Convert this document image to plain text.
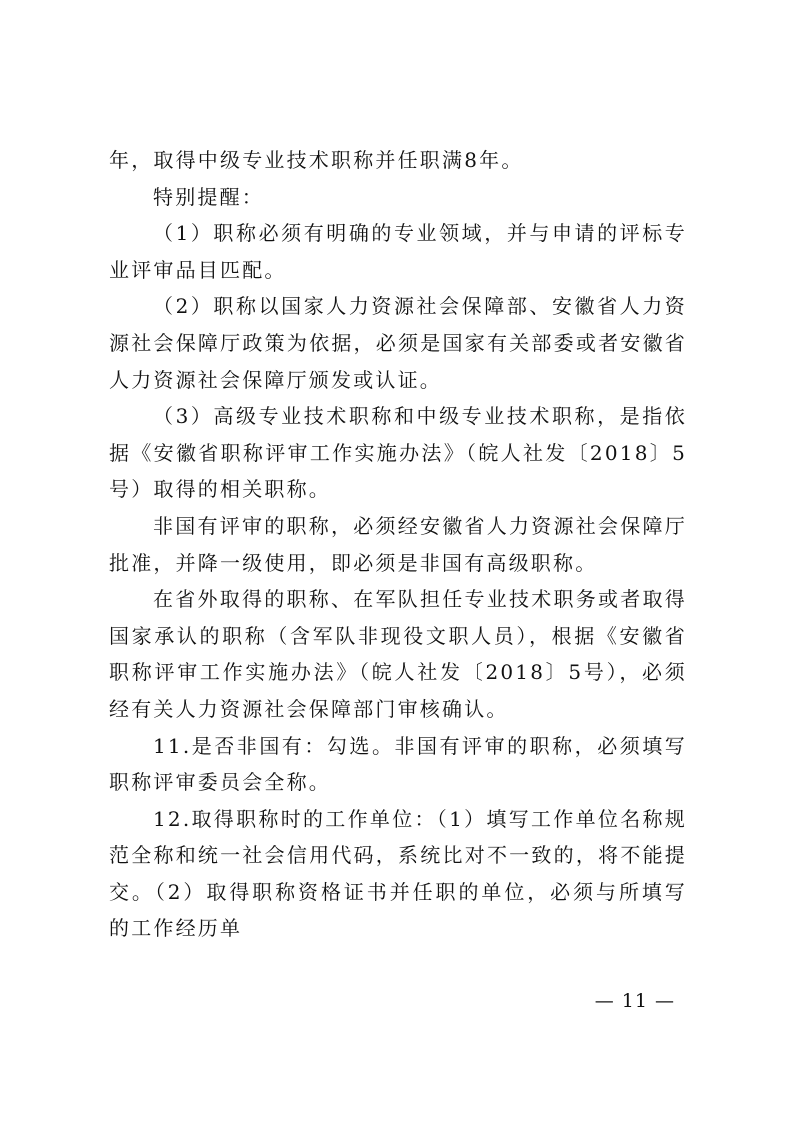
年，取得中级专业技术职称并任职满8年。

特别提醒：

（1）职称必须有明确的专业领域，并与申请的评标专业评审品目匹配。

（2）职称以国家人力资源社会保障部、安徽省人力资源社会保障厅政策为依据，必须是国家有关部委或者安徽省人力资源社会保障厅颁发或认证。

（3）高级专业技术职称和中级专业技术职称，是指依据《安徽省职称评审工作实施办法》（皖人社发〔2018〕5号）取得的相关职称。

非国有评审的职称，必须经安徽省人力资源社会保障厅批准，并降一级使用，即必须是非国有高级职称。

在省外取得的职称、在军队担任专业技术职务或者取得国家承认的职称（含军队非现役文职人员），根据《安徽省职称评审工作实施办法》（皖人社发〔2018〕5号），必须经有关人力资源社会保障部门审核确认。

11.是否非国有：勾选。非国有评审的职称，必须填写职称评审委员会全称。

12.取得职称时的工作单位：（1）填写工作单位名称规范全称和统一社会信用代码，系统比对不一致的，将不能提交。（2）取得职称资格证书并任职的单位，必须与所填写的工作经历单

— 11 —
